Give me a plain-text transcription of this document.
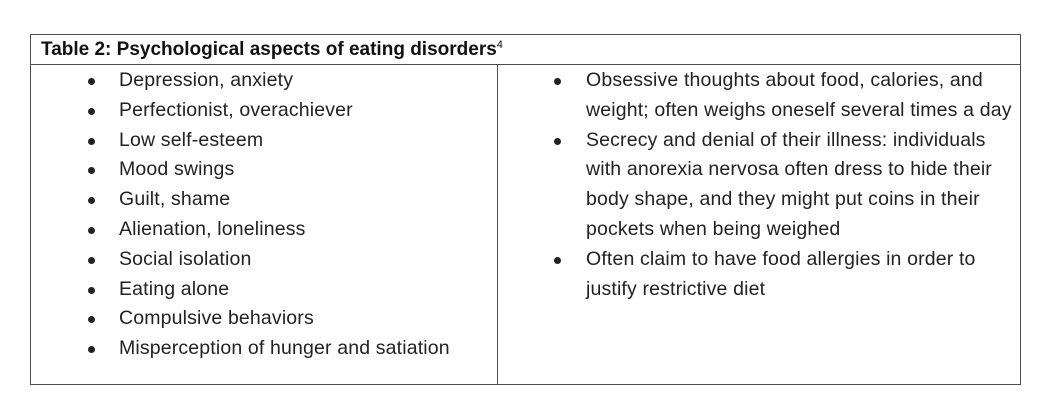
Table 2: Psychological aspects of eating disorders$^4$
Depression, anxiety
Perfectionist, overachiever
Low self-esteem
Mood swings
Guilt, shame
Alienation, loneliness
Social isolation
Eating alone
Compulsive behaviors
Misperception of hunger and satiation
Obsessive thoughts about food, calories, and weight; often weighs oneself several times a day
Secrecy and denial of their illness: individuals with anorexia nervosa often dress to hide their body shape, and they might put coins in their pockets when being weighed
Often claim to have food allergies in order to justify restrictive diet
